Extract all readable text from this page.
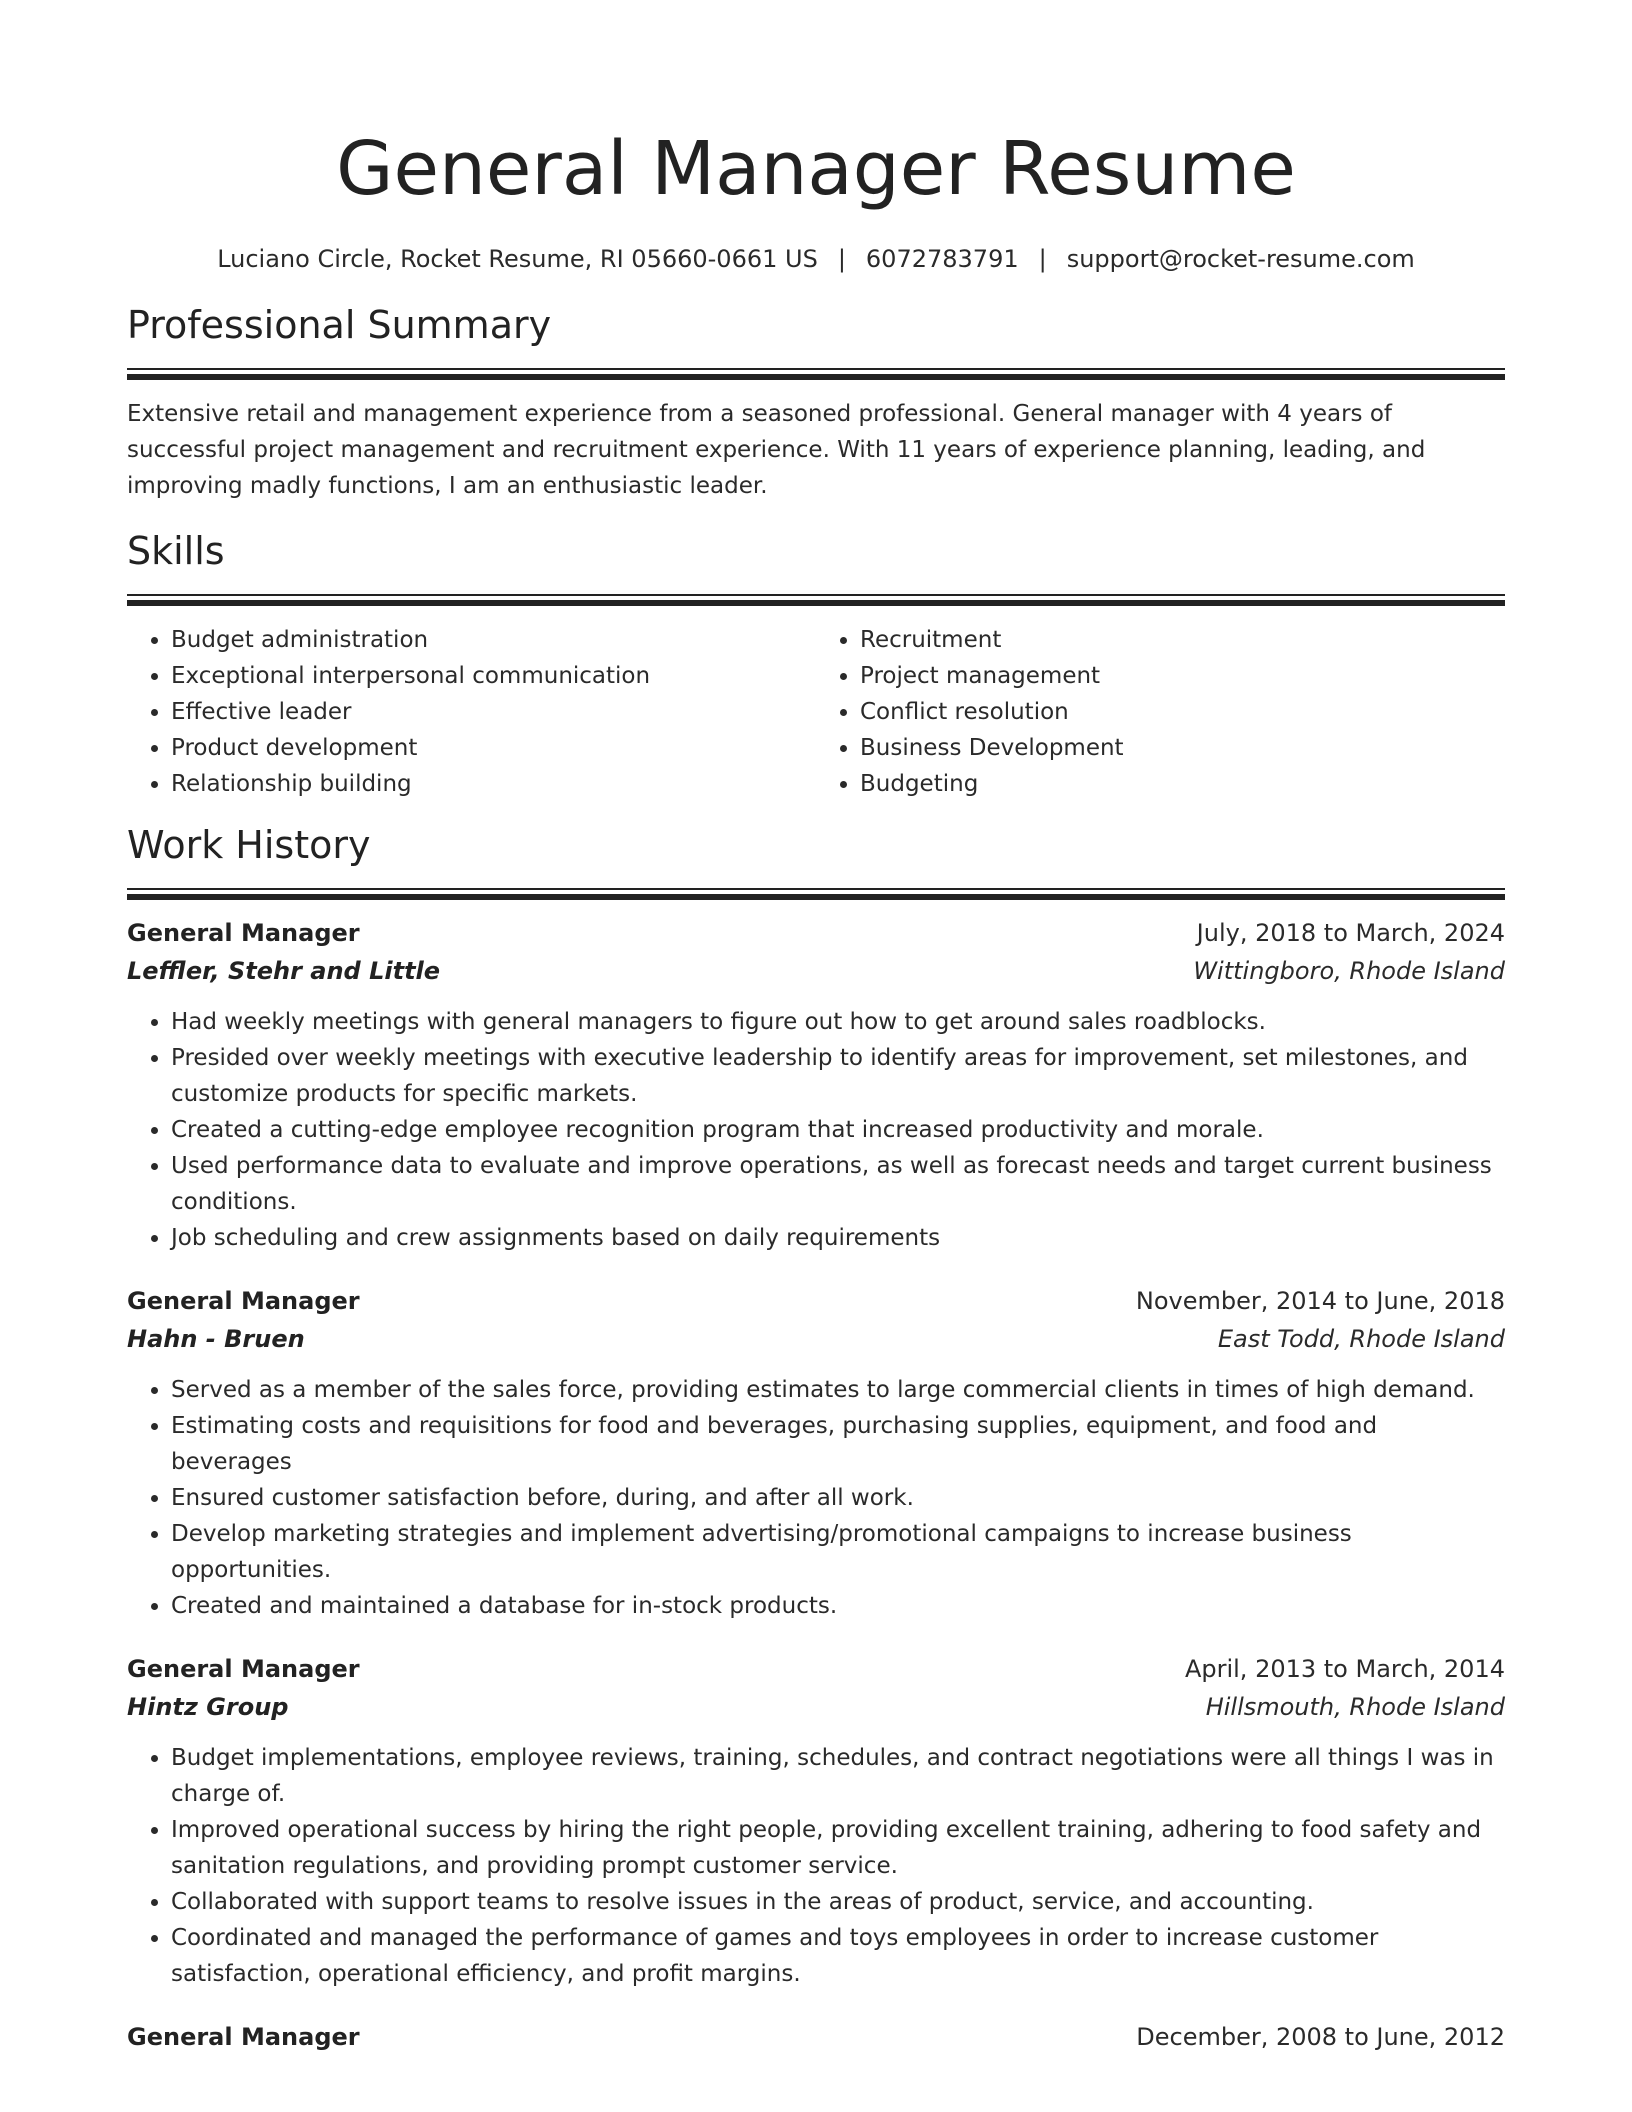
General Manager Resume
Luciano Circle, Rocket Resume, RI 05660-0661 US | 6072783791 | support@rocket-resume.com
Professional Summary

Extensive retail and management experience from a seasoned professional. General manager with 4 years of successful project management and recruitment experience. With 11 years of experience planning, leading, and improving madly functions, I am an enthusiastic leader.

Skills
• Budget administration
• Exceptional interpersonal communication
• Effective leader
• Product development
• Relationship building
• Recruitment
• Project management
• Conflict resolution
• Business Development
• Budgeting
Work History
General Manager	July, 2018 to March, 2024
Leffler, Stehr and Little	Wittingboro, Rhode Island
• Had weekly meetings with general managers to figure out how to get around sales roadblocks.
• Presided over weekly meetings with executive leadership to identify areas for improvement, set milestones, and customize products for specific markets.
• Created a cutting-edge employee recognition program that increased productivity and morale.
• Used performance data to evaluate and improve operations, as well as forecast needs and target current business conditions.
• Job scheduling and crew assignments based on daily requirements
General Manager	November, 2014 to June, 2018
Hahn - Bruen	East Todd, Rhode Island
• Served as a member of the sales force, providing estimates to large commercial clients in times of high demand.
• Estimating costs and requisitions for food and beverages, purchasing supplies, equipment, and food and beverages
• Ensured customer satisfaction before, during, and after all work.
• Develop marketing strategies and implement advertising/promotional campaigns to increase business opportunities.
• Created and maintained a database for in-stock products.
General Manager	April, 2013 to March, 2014
Hintz Group	Hillsmouth, Rhode Island
• Budget implementations, employee reviews, training, schedules, and contract negotiations were all things I was in charge of.
• Improved operational success by hiring the right people, providing excellent training, adhering to food safety and sanitation regulations, and providing prompt customer service.
• Collaborated with support teams to resolve issues in the areas of product, service, and accounting.
• Coordinated and managed the performance of games and toys employees in order to increase customer satisfaction, operational efficiency, and profit margins.
General Manager	December, 2008 to June, 2012
